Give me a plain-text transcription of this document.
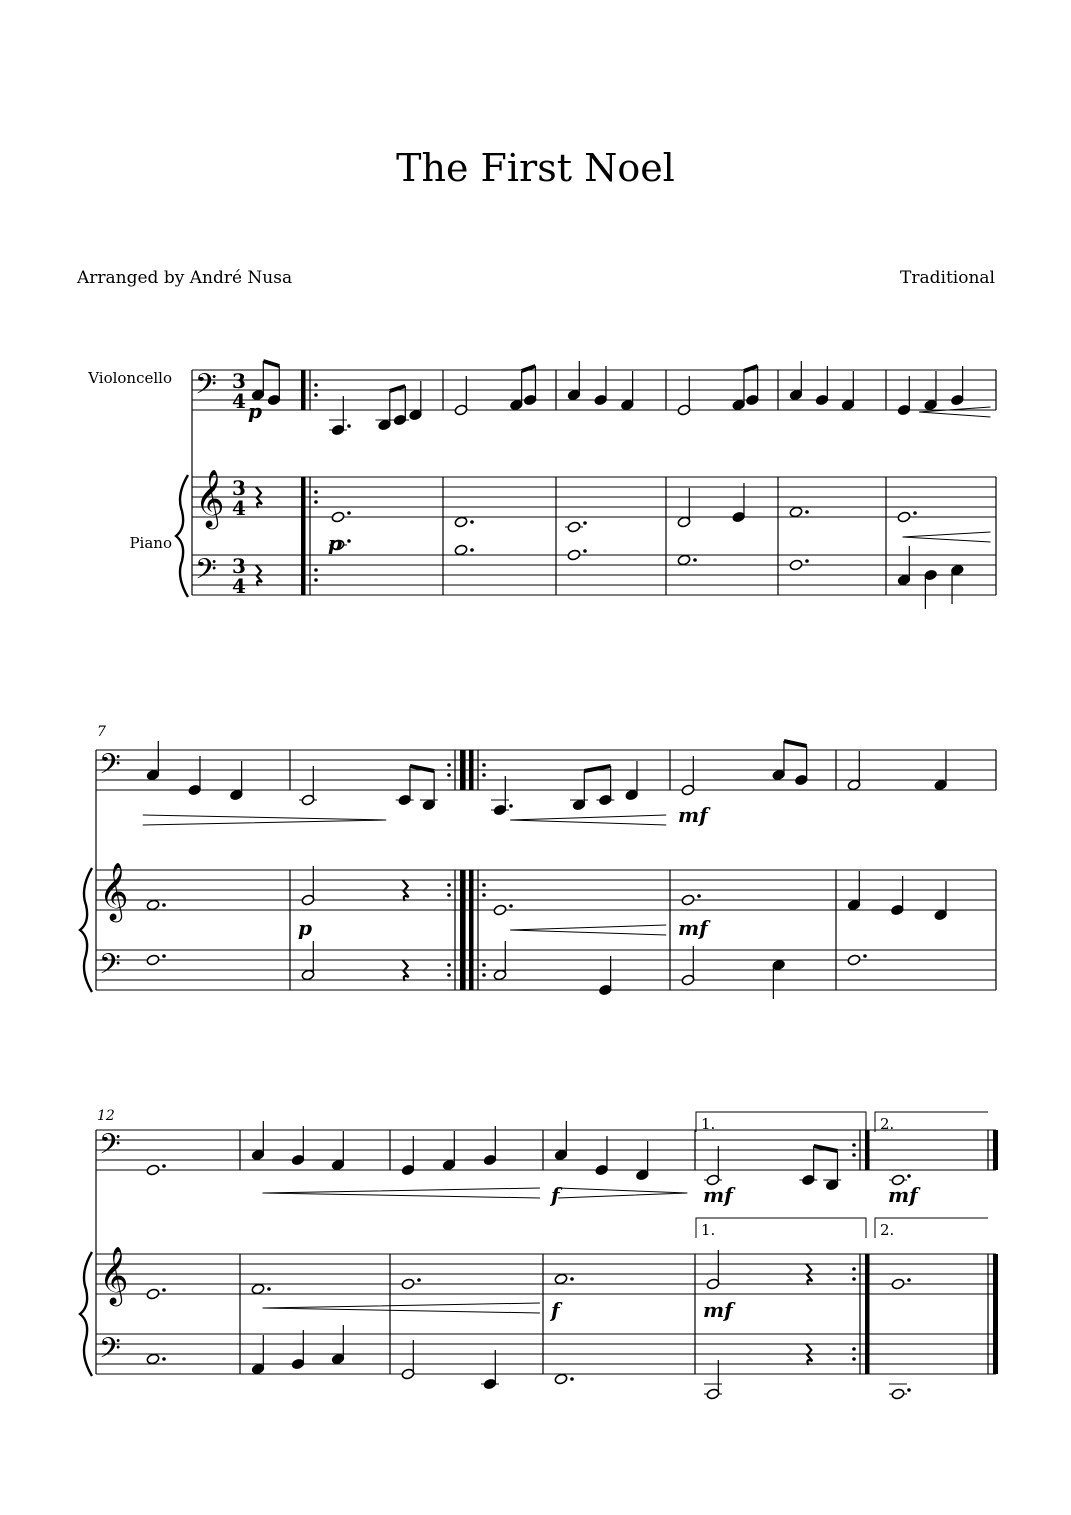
The First Noel
Arranged by André Nusa	Traditional
Violoncello
Piano
7
12
𝄢 3
4
𝄞 3
4
𝄢 3
4
𝄢
𝄞
𝄢
𝄢
𝄞
𝄢
p
mf
f	mf	mf
p
p	mf
f	mf
1.	2.
1.	2.
